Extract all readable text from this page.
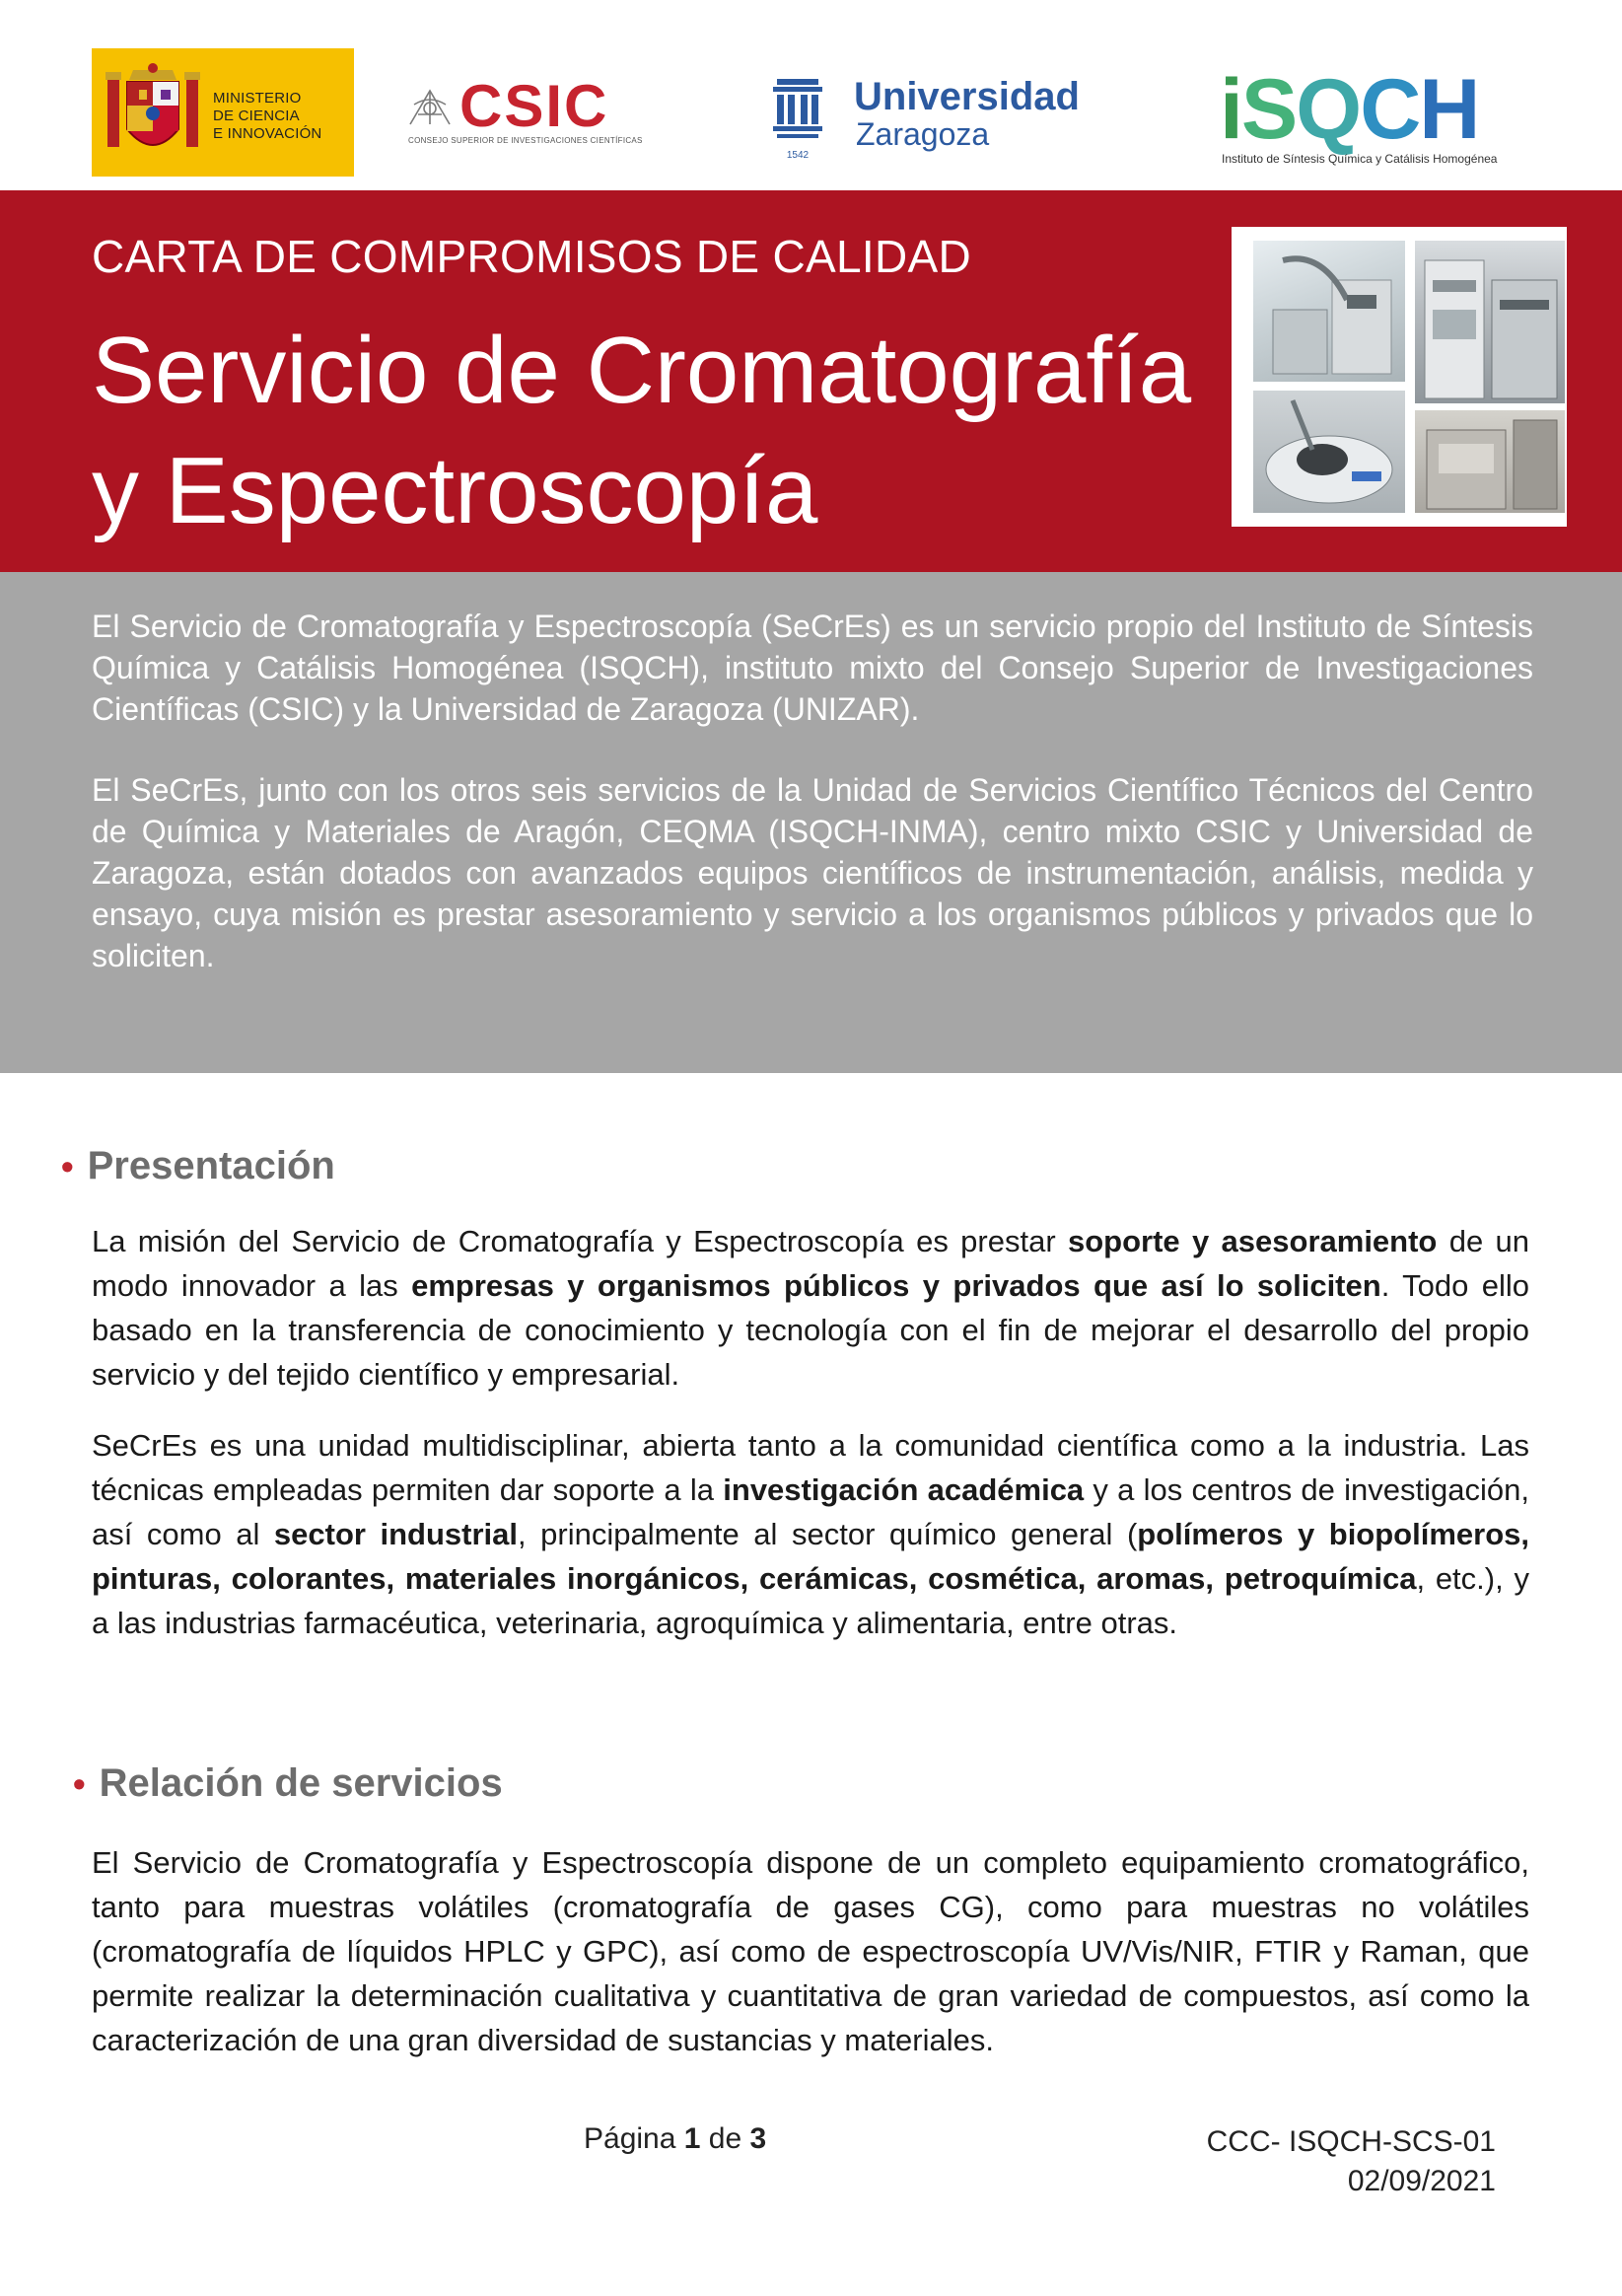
MINISTERIO
DE CIENCIA
E INNOVACIÓN CSIC
CONSEJO SUPERIOR DE INVESTIGACIONES CIENTÍFICAS
1542
Universidad
Zaragoza	iSQCH
Instituto de Síntesis Química y Catálisis Homogénea
CARTA DE COMPROMISOS DE CALIDAD
Servicio de Cromatografía
y Espectroscopía

El Servicio de Cromatografía y Espectroscopía (SeCrEs) es un servicio propio del Instituto de Síntesis Química y Catálisis Homogénea (ISQCH), instituto mixto del Consejo Superior de Investigaciones Científicas (CSIC) y la Universidad de Zaragoza (UNIZAR).

El SeCrEs, junto con los otros seis servicios de la Unidad de Servicios Científico Técnicos del Centro de Química y Materiales de Aragón, CEQMA (ISQCH-INMA), centro mixto CSIC y Universidad de Zaragoza, están dotados con avanzados equipos científicos de instrumentación, análisis, medida y ensayo, cuya misión es prestar asesoramiento y servicio a los organismos públicos y privados que lo soliciten.

• Presentación

La misión del Servicio de Cromatografía y Espectroscopía es prestar soporte y asesoramiento de un modo innovador a las empresas y organismos públicos y privados que así lo soliciten. Todo ello basado en la transferencia de conocimiento y tecnología con el fin de mejorar el desarrollo del propio servicio y del tejido científico y empresarial.

SeCrEs es una unidad multidisciplinar, abierta tanto a la comunidad científica como a la industria. Las técnicas empleadas permiten dar soporte a la investigación académica y a los centros de investigación, así como al sector industrial, principalmente al sector químico general (polímeros y biopolímeros, pinturas, colorantes, materiales inorgánicos, cerámicas, cosmética, aromas, petroquímica, etc.), y a las industrias farmacéutica, veterinaria, agroquímica y alimentaria, entre otras.

• Relación de servicios

El Servicio de Cromatografía y Espectroscopía dispone de un completo equipamiento cromatográfico, tanto para muestras volátiles (cromatografía de gases CG), como para muestras no volátiles (cromatografía de líquidos HPLC y GPC), así como de espectroscopía UV/Vis/NIR, FTIR y Raman, que permite realizar la determinación cualitativa y cuantitativa de gran variedad de compuestos, así como la caracterización de una gran diversidad de sustancias y materiales.

Página 1 de 3	CCC- ISQCH-SCS-01
02/09/2021
